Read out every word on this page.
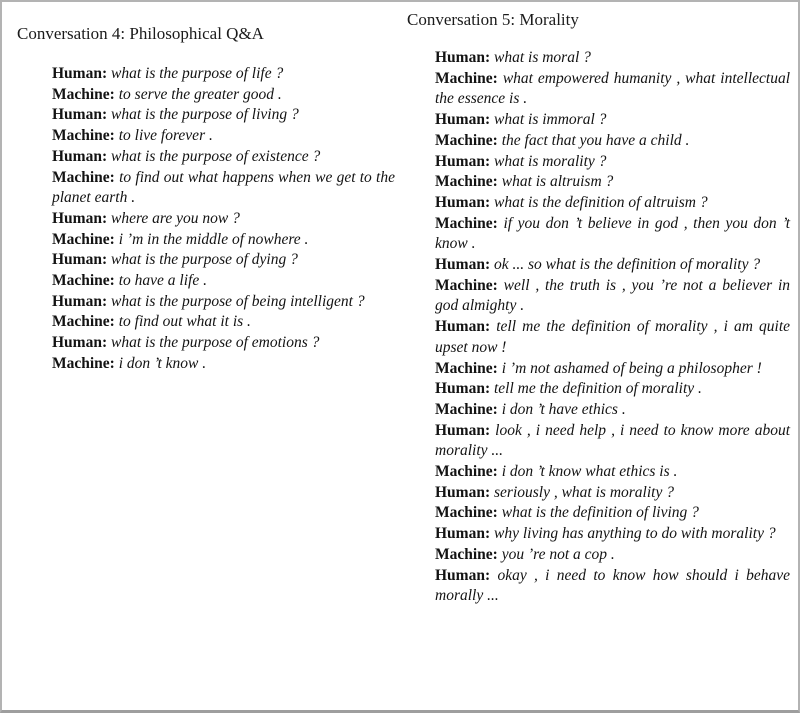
Conversation 4: Philosophical Q&A

Human: what is the purpose of life ?

Machine: to serve the greater good .

Human: what is the purpose of living ?

Machine: to live forever .

Human: what is the purpose of existence ?

Machine: to find out what happens when we get to the planet earth .

Human: where are you now ?

Machine: i ’m in the middle of nowhere .

Human: what is the purpose of dying ?

Machine: to have a life .

Human: what is the purpose of being intelligent ?

Machine: to find out what it is .

Human: what is the purpose of emotions ?

Machine: i don ’t know .

Conversation 5: Morality

Human: what is moral ?

Machine: what empowered humanity , what intellectual the essence is .

Human: what is immoral ?

Machine: the fact that you have a child .

Human: what is morality ?

Machine: what is altruism ?

Human: what is the definition of altruism ?

Machine: if you don ’t believe in god , then you don ’t know .

Human: ok ... so what is the definition of morality ?

Machine: well , the truth is , you ’re not a believer in god almighty .

Human: tell me the definition of morality , i am quite upset now !

Machine: i ’m not ashamed of being a philosopher !

Human: tell me the definition of morality .

Machine: i don ’t have ethics .

Human: look , i need help , i need to know more about morality ...

Machine: i don ’t know what ethics is .

Human: seriously , what is morality ?

Machine: what is the definition of living ?

Human: why living has anything to do with morality ?

Machine: you ’re not a cop .

Human: okay , i need to know how should i behave morally ...
